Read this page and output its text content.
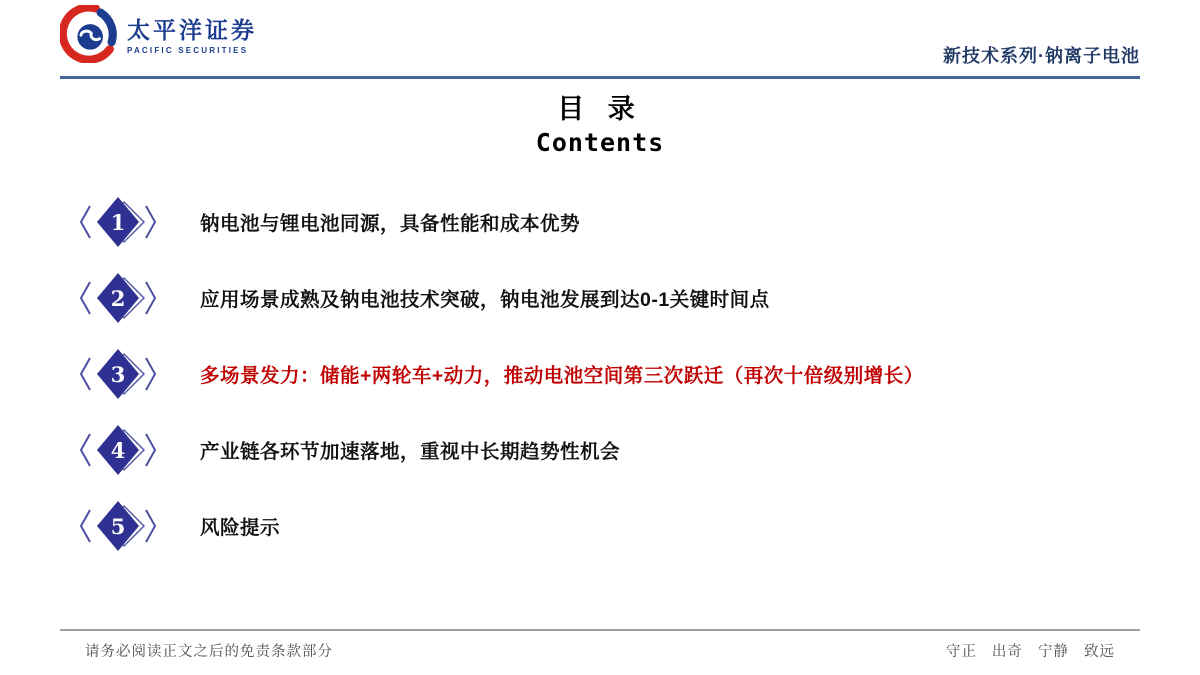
太平洋证券
PACIFIC SECURITIES	新技术系列·钠离子电池
目 录
Contents
1	钠电池与锂电池同源，具备性能和成本优势
2	应用场景成熟及钠电池技术突破，钠电池发展到达0-1关键时间点
3	多场景发力：储能+两轮车+动力，推动电池空间第三次跃迁（再次十倍级别增长）
4	产业链各环节加速落地，重视中长期趋势性机会
5	风险提示
请务必阅读正文之后的免责条款部分	守正 出奇 宁静 致远
